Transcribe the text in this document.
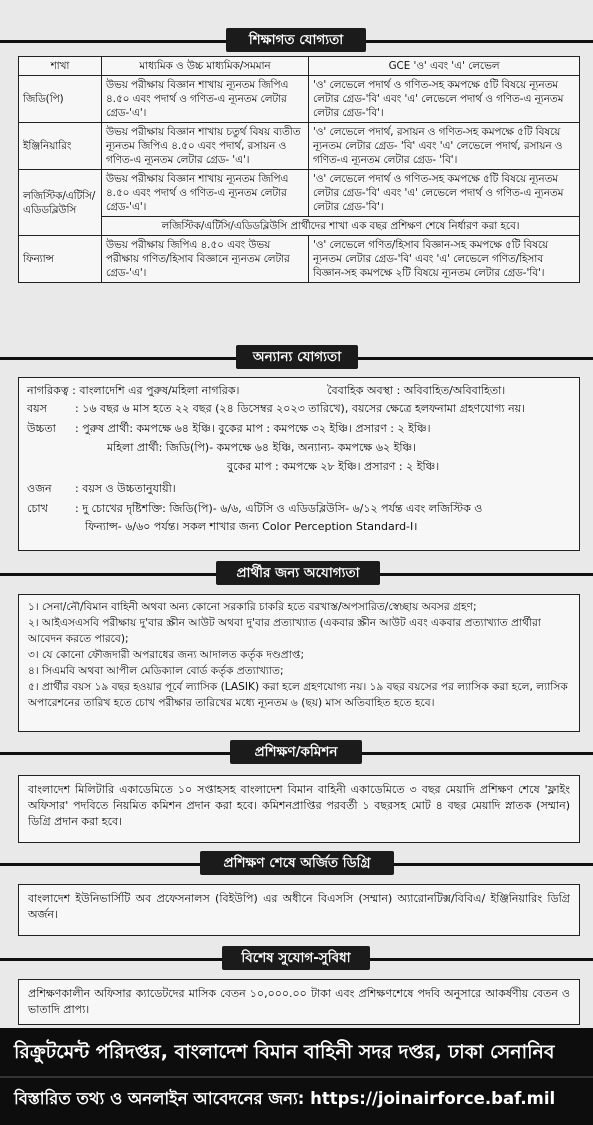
শিক্ষাগত যোগ্যতা
শাখা	মাধ্যমিক ও উচ্চ মাধ্যমিক/সমমান	GCE 'ও' এবং 'এ' লেভেল
জিডি(পি)	উভয় পরীক্ষায় বিজ্ঞান শাখায় ন্যূনতম জিপিএ ৪.৫০ এবং পদার্থ ও গণিত-এ ন্যূনতম লেটার গ্রেড-'এ'।	'ও' লেভেলে পদার্থ ও গণিত-সহ কমপক্ষে ৫টি বিষয়ে ন্যূনতম লেটার গ্রেড-'বি' এবং 'এ' লেভেলে পদার্থ ও গণিত-এ ন্যূনতম লেটার গ্রেড-'বি'।
ইঞ্জিনিয়ারিং	উভয় পরীক্ষায় বিজ্ঞান শাখায় চতুর্থ বিষয় ব্যতীত ন্যূনতম জিপিএ ৪.৫০ এবং পদার্থ, রসায়ন ও গণিত-এ ন্যূনতম লেটার গ্রেড- 'এ'।	'ও' লেভেলে পদার্থ, রসায়ন ও গণিত-সহ কমপক্ষে ৫টি বিষয়ে ন্যূনতম লেটার গ্রেড- 'বি' এবং 'এ' লেভেলে পদার্থ, রসায়ন ও গণিত-এ ন্যূনতম লেটার গ্রেড- 'বি'।
লজিস্টিক/এটিসি/ এডিডব্লিউসি	উভয় পরীক্ষায় বিজ্ঞান শাখায় ন্যূনতম জিপিএ ৪.৫০ এবং পদার্থ ও গণিত-এ ন্যূনতম লেটার গ্রেড-'এ'।	'ও' লেভেলে পদার্থ ও গণিত-সহ কমপক্ষে ৫টি বিষয়ে ন্যূনতম লেটার গ্রেড-'বি' এবং 'এ' লেভেলে পদার্থ ও গণিত-এ ন্যূনতম লেটার গ্রেড-'বি'।
	লজিস্টিক/এটিসি/এডিডব্লিউসি প্রার্থীদের শাখা এক বছর প্রশিক্ষণ শেষে নির্ধারণ করা হবে।	
ফিন্যান্স	উভয় পরীক্ষায় জিপিএ ৪.৫০ এবং উভয় পরীক্ষায় গণিত/হিসাব বিজ্ঞানে ন্যূনতম লেটার গ্রেড-'এ'।	'ও' লেভেলে গণিত/হিসাব বিজ্ঞান-সহ কমপক্ষে ৫টি বিষয়ে ন্যূনতম লেটার গ্রেড-'বি' এবং 'এ' লেভেলে গণিত/হিসাব বিজ্ঞান-সহ কমপক্ষে ২টি বিষয়ে ন্যূনতম লেটার গ্রেড-'বি'।
অন্যান্য যোগ্যতা
নাগরিকত্ব : বাংলাদেশি এর পুরুষ/মহিলা নাগরিক।	বৈবাহিক অবস্থা : অবিবাহিত/অবিবাহিতা।
বয়স	: ১৬ বছর ৬ মাস হতে ২২ বছর (২৪ ডিসেম্বর ২০২৩ তারিখে), বয়সের ক্ষেত্রে হলফনামা গ্রহণযোগ্য নয়।
উচ্চতা : পুরুষ প্রার্থী: কমপক্ষে ৬৪ ইঞ্চি। বুকের মাপ : কমপক্ষে ৩২ ইঞ্চি। প্রসারণ : ২ ইঞ্চি।
মহিলা প্রার্থী: জিডি(পি)- কমপক্ষে ৬৪ ইঞ্চি, অন্যান্য- কমপক্ষে ৬২ ইঞ্চি।
বুকের মাপ : কমপক্ষে ২৮ ইঞ্চি। প্রসারণ : ২ ইঞ্চি।
ওজন : বয়স ও উচ্চতানুযায়ী।
চোখ : দু চোখের দৃষ্টিশক্তি: জিডি(পি)- ৬/৬, এটিসি ও এডিডব্লিউসি- ৬/১২ পর্যন্ত এবং লজিস্টিক ও
ফিন্যান্স- ৬/৬০ পর্যন্ত। সকল শাখার জন্য Color Perception Standard-I।
প্রার্থীর জন্য অযোগ্যতা
১। সেনা/নৌ/বিমান বাহিনী অথবা অন্য কোনো সরকারি চাকরি হতে বরখাস্ত/অপসারিত/স্বেচ্ছায় অবসর গ্রহণ;
২। আইএসএসবি পরীক্ষায় দু'বার স্ক্রীন আউট অথবা দু'বার প্রত্যাখ্যাত (একবার স্ক্রীন আউট এবং একবার প্রত্যাখ্যাত প্রার্থীরা আবেদন করতে পারবে);
৩। যে কোনো ফৌজদারী অপরাধের জন্য আদালত কর্তৃক দণ্ডপ্রাপ্ত;
৪। সিএমবি অথবা আপীল মেডিক্যাল বোর্ড কর্তৃক প্রত্যাখ্যাত;
৫। প্রার্থীর বয়স ১৯ বছর হওয়ার পূর্বে ল্যাসিক (LASIK) করা হলে গ্রহণযোগ্য নয়। ১৯ বছর বয়সের পর ল্যাসিক করা হলে, ল্যাসিক অপারেশনের তারিখ হতে চোখ পরীক্ষার তারিখের মধ্যে ন্যূনতম ৬ (ছয়) মাস অতিবাহিত হতে হবে।
প্রশিক্ষণ/কমিশন
বাংলাদেশ মিলিটারি একাডেমিতে ১০ সপ্তাহসহ বাংলাদেশ বিমান বাহিনী একাডেমিতে ৩ বছর মেয়াদি প্রশিক্ষণ শেষে 'ফ্লাইং অফিসার' পদবিতে নিয়মিত কমিশন প্রদান করা হবে। কমিশনপ্রাপ্তির পরবর্তী ১ বছরসহ মোট ৪ বছর মেয়াদি স্নাতক (সম্মান) ডিগ্রি প্রদান করা হবে।
প্রশিক্ষণ শেষে অর্জিত ডিগ্রি
বাংলাদেশ ইউনিভার্সিটি অব প্রফেসনালস (বিইউপি) এর অধীনে বিএসসি (সম্মান) অ্যারোনটিক্স/বিবিএ/ ইঞ্জিনিয়ারিং ডিগ্রি অর্জন।
বিশেষ সুযোগ-সুবিধা
প্রশিক্ষণকালীন অফিসার ক্যাডেটদের মাসিক বেতন ১০,০০০.০০ টাকা এবং প্রশিক্ষণশেষে পদবি অনুসারে আকর্ষণীয় বেতন ও ভাতাদি প্রাপ্য।
রিক্রুটমেন্ট পরিদপ্তর, বাংলাদেশ বিমান বাহিনী সদর দপ্তর, ঢাকা সেনানিব
বিস্তারিত তথ্য ও অনলাইন আবেদনের জন্য: https://joinairforce.baf.mil
